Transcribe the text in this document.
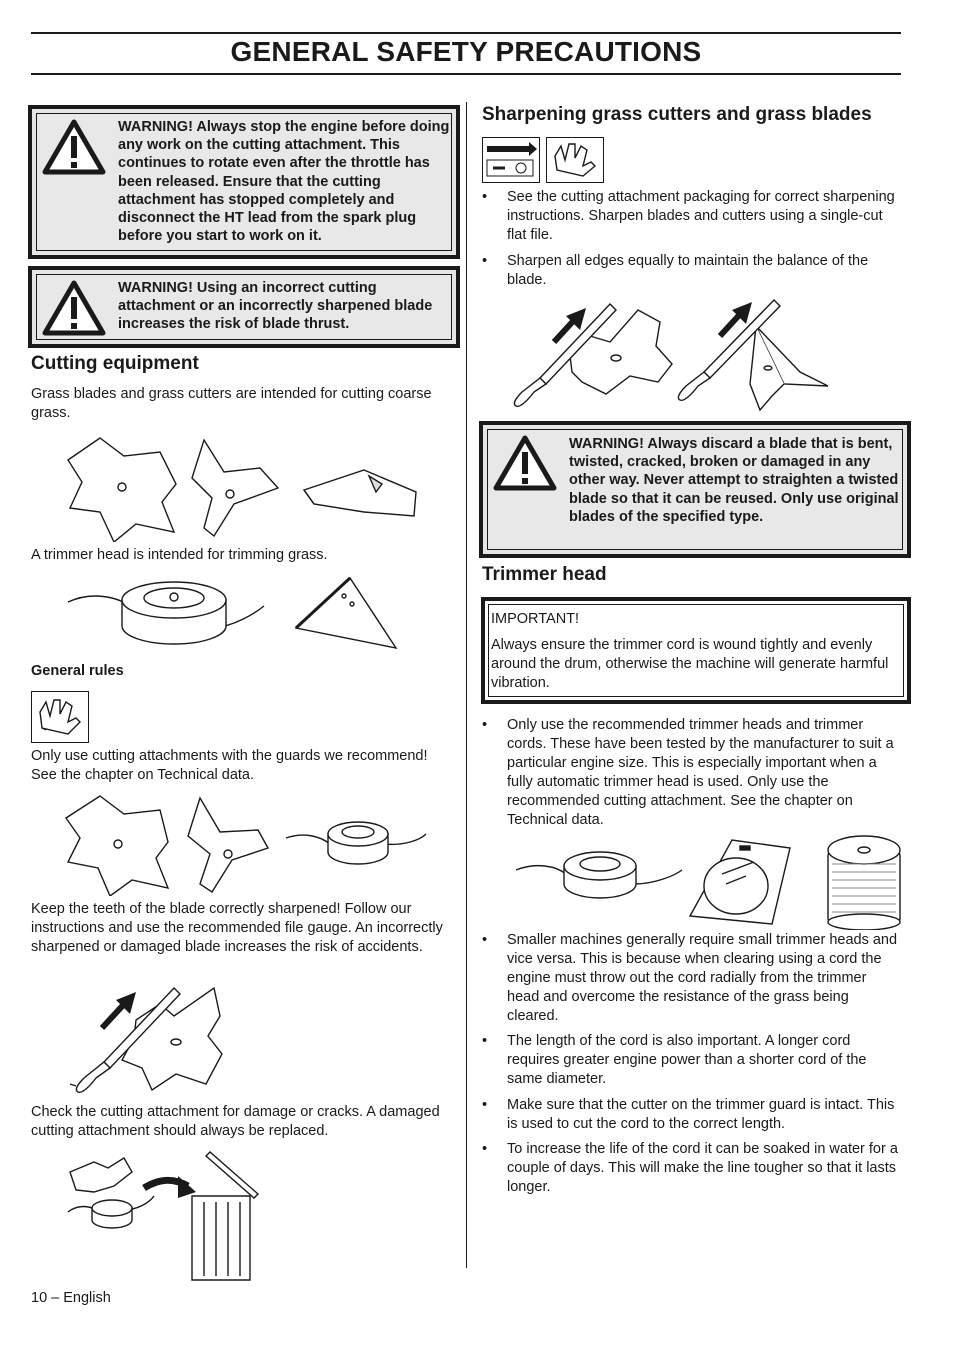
GENERAL SAFETY PRECAUTIONS
WARNING! Always stop the engine before doing any work on the cutting attachment. This continues to rotate even after the throttle has been released. Ensure that the cutting attachment has stopped completely and disconnect the HT lead from the spark plug before you start to work on it.
WARNING! Using an incorrect cutting attachment or an incorrectly sharpened blade increases the risk of blade thrust.
Cutting equipment
Grass blades and grass cutters are intended for cutting coarse grass.
A trimmer head is intended for trimming grass.
General rules
Only use cutting attachments with the guards we recommend! See the chapter on Technical data.
Keep the teeth of the blade correctly sharpened! Follow our instructions and use the recommended file gauge. An incorrectly sharpened or damaged blade increases the risk of accidents.
Check the cutting attachment for damage or cracks. A damaged cutting attachment should always be replaced.
10 – English
Sharpening grass cutters and grass blades
• See the cutting attachment packaging for correct sharpening instructions. Sharpen blades and cutters using a single-cut flat file.
• Sharpen all edges equally to maintain the balance of the blade.
WARNING! Always discard a blade that is bent, twisted, cracked, broken or damaged in any other way. Never attempt to straighten a twisted blade so that it can be reused. Only use original blades of the specified type.
Trimmer head
IMPORTANT!
Always ensure the trimmer cord is wound tightly and evenly around the drum, otherwise the machine will generate harmful vibration.
• Only use the recommended trimmer heads and trimmer cords. These have been tested by the manufacturer to suit a particular engine size. This is especially important when a fully automatic trimmer head is used. Only use the recommended cutting attachment. See the chapter on Technical data.
• Smaller machines generally require small trimmer heads and vice versa. This is because when clearing using a cord the engine must throw out the cord radially from the trimmer head and overcome the resistance of the grass being cleared.
• The length of the cord is also important. A longer cord requires greater engine power than a shorter cord of the same diameter.
• Make sure that the cutter on the trimmer guard is intact. This is used to cut the cord to the correct length.
• To increase the life of the cord it can be soaked in water for a couple of days. This will make the line tougher so that it lasts longer.
